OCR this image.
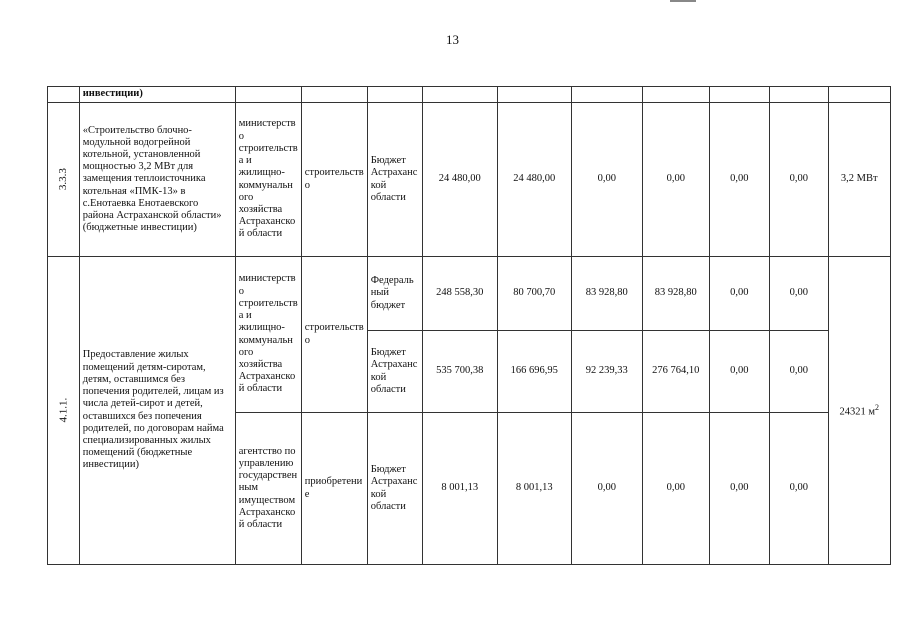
13
	инвестиции)										
3.3.3	«Строительство блочно-модульной водогрейной котельной, установленной мощностью 3,2 МВт для замещения теплоисточника котельная «ПМК-13» в с.Енотаевка Енотаевского района Астраханской области» (бюджетные инвестиции)	министерство строительства и жилищно-коммунального хозяйства Астраханской области	строительство	Бюджет Астраханской области	24 480,00	24 480,00	0,00	0,00	0,00	0,00	3,2 МВт
4.1.1.	Предоставление жилых помещений детям-сиротам, детям, оставшимся без попечения родителей, лицам из числа детей-сирот и детей, оставшихся без попечения родителей, по договорам найма специализированных жилых помещений (бюджетные инвестиции)	министерство строительства и жилищно-коммунального хозяйства Астраханской области	строительство	Федеральный бюджет	248 558,30	80 700,70	83 928,80	83 928,80	0,00	0,00	24321 $м^2$
				Бюджет Астраханской области	535 700,38	166 696,95	92 239,33	276 764,10	0,00	0,00	
		агентство по управлению государственным имуществом Астраханской области	приобретение	Бюджет Астраханской области	8 001,13	8 001,13	0,00	0,00	0,00	0,00	
